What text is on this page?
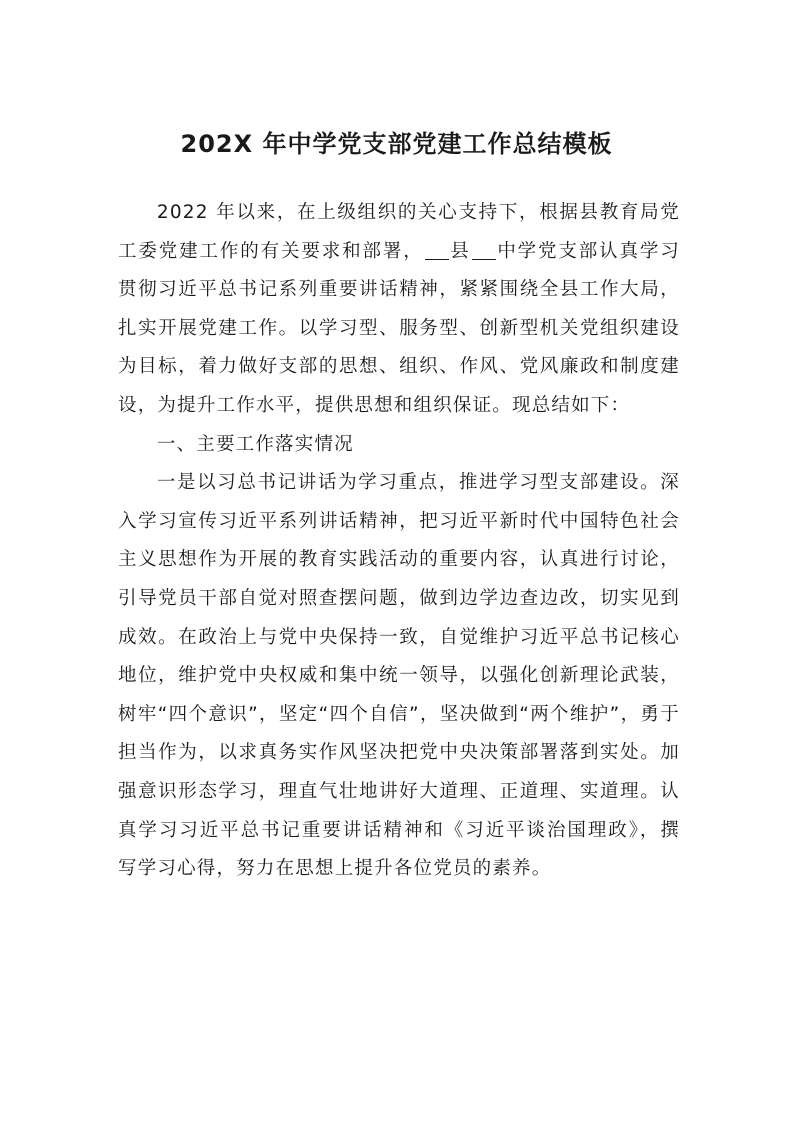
202X 年中学党支部党建工作总结模板

2022 年以来，在上级组织的关心支持下，根据县教育局党工委党建工作的有关要求和部署， 县 中学党支部认真学习贯彻习近平总书记系列重要讲话精神，紧紧围绕全县工作大局，扎实开展党建工作。以学习型、服务型、创新型机关党组织建设为目标，着力做好支部的思想、组织、作风、党风廉政和制度建设，为提升工作水平，提供思想和组织保证。现总结如下：

一、主要工作落实情况

一是以习总书记讲话为学习重点，推进学习型支部建设。深入学习宣传习近平系列讲话精神，把习近平新时代中国特色社会主义思想作为开展的教育实践活动的重要内容，认真进行讨论，引导党员干部自觉对照查摆问题，做到边学边查边改，切实见到成效。在政治上与党中央保持一致，自觉维护习近平总书记核心地位，维护党中央权威和集中统一领导，以强化创新理论武装，树牢“四个意识”，坚定“四个自信”，坚决做到“两个维护”，勇于担当作为，以求真务实作风坚决把党中央决策部署落到实处。加强意识形态学习，理直气壮地讲好大道理、正道理、实道理。认真学习习近平总书记重要讲话精神和《习近平谈治国理政》，撰写学习心得，努力在思想上提升各位党员的素养。
